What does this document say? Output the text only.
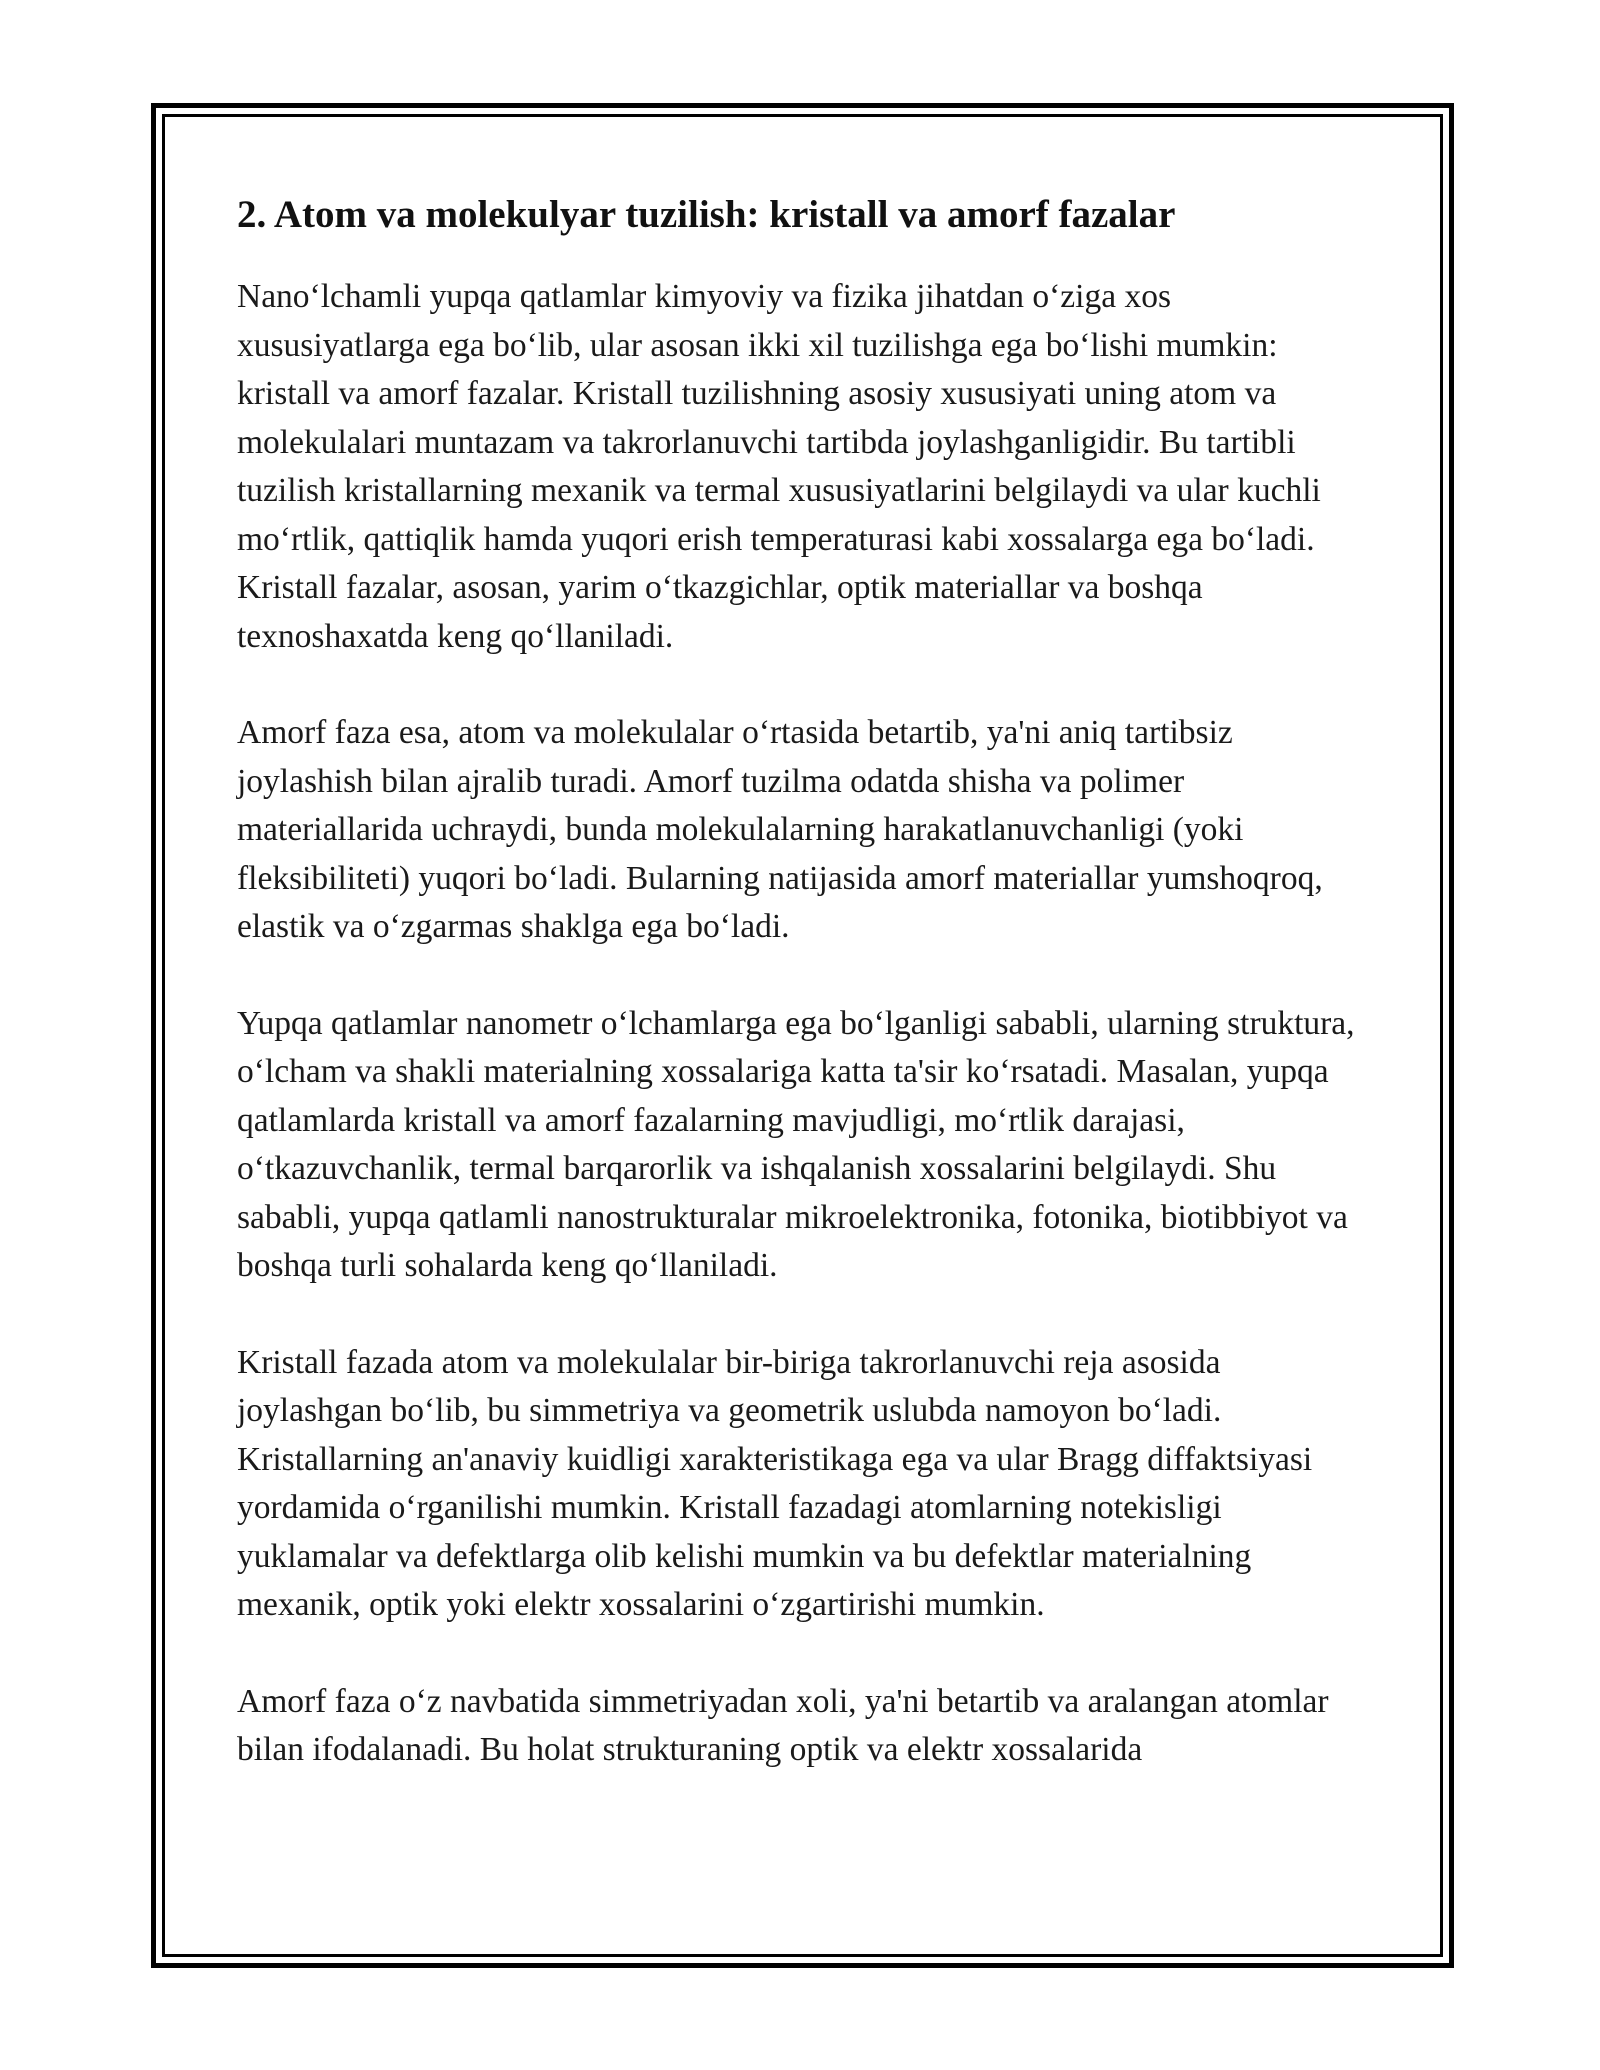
2. Atom va molekulyar tuzilish: kristall va amorf fazalar

Nano‘lchamli yupqa qatlamlar kimyoviy va fizika jihatdan o‘ziga xos xususiyatlarga ega bo‘lib, ular asosan ikki xil tuzilishga ega bo‘lishi mumkin: kristall va amorf fazalar. Kristall tuzilishning asosiy xususiyati uning atom va molekulalari muntazam va takrorlanuvchi tartibda joylashganligidir. Bu tartibli tuzilish kristallarning mexanik va termal xususiyatlarini belgilaydi va ular kuchli mo‘rtlik, qattiqlik hamda yuqori erish temperaturasi kabi xossalarga ega bo‘ladi. Kristall fazalar, asosan, yarim o‘tkazgichlar, optik materiallar va boshqa texnoshaxatda keng qo‘llaniladi.

Amorf faza esa, atom va molekulalar o‘rtasida betartib, ya'ni aniq tartibsiz joylashish bilan ajralib turadi. Amorf tuzilma odatda shisha va polimer materiallarida uchraydi, bunda molekulalarning harakatlanuvchanligi (yoki fleksibiliteti) yuqori bo‘ladi. Bularning natijasida amorf materiallar yumshoqroq, elastik va o‘zgarmas shaklga ega bo‘ladi.

Yupqa qatlamlar nanometr o‘lchamlarga ega bo‘lganligi sababli, ularning struktura, o‘lcham va shakli materialning xossalariga katta ta'sir ko‘rsatadi. Masalan, yupqa qatlamlarda kristall va amorf fazalarning mavjudligi, mo‘rtlik darajasi, o‘tkazuvchanlik, termal barqarorlik va ishqalanish xossalarini belgilaydi. Shu sababli, yupqa qatlamli nanostrukturalar mikroelektronika, fotonika, biotibbiyot va boshqa turli sohalarda keng qo‘llaniladi.

Kristall fazada atom va molekulalar bir-biriga takrorlanuvchi reja asosida joylashgan bo‘lib, bu simmetriya va geometrik uslubda namoyon bo‘ladi. Kristallarning an'anaviy kuidligi xarakteristikaga ega va ular Bragg diffaktsiyasi yordamida o‘rganilishi mumkin. Kristall fazadagi atomlarning notekisligi yuklamalar va defektlarga olib kelishi mumkin va bu defektlar materialning mexanik, optik yoki elektr xossalarini o‘zgartirishi mumkin.

Amorf faza o‘z navbatida simmetriyadan xoli, ya'ni betartib va aralangan atomlar bilan ifodalanadi. Bu holat strukturaning optik va elektr xossalarida
